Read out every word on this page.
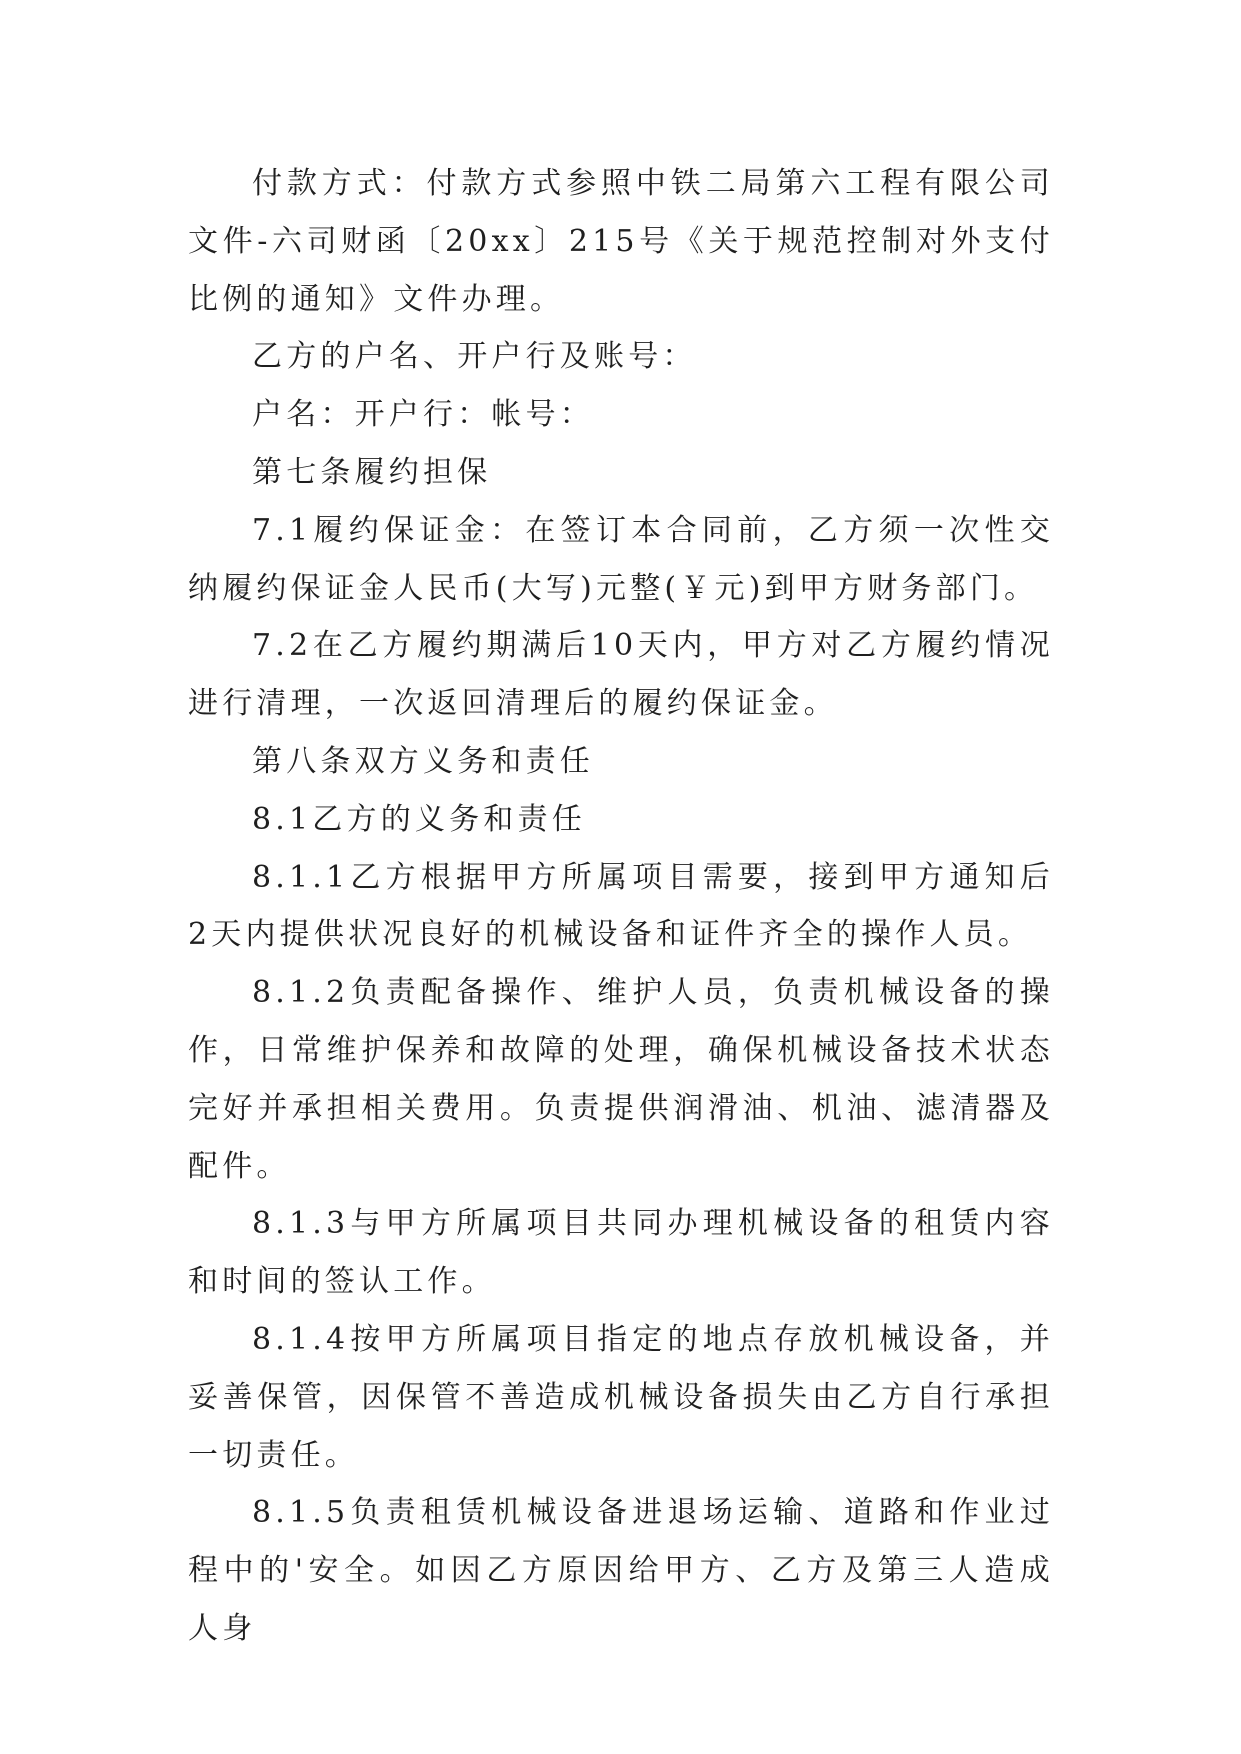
付款方式：付款方式参照中铁二局第六工程有限公司文件-六司财函〔20xx〕215号《关于规范控制对外支付比例的通知》文件办理。

乙方的户名、开户行及账号：

户名：开户行：帐号：

第七条履约担保

7.1履约保证金：在签订本合同前，乙方须一次性交纳履约保证金人民币(大写)元整(￥元)到甲方财务部门。

7.2在乙方履约期满后10天内，甲方对乙方履约情况进行清理，一次返回清理后的履约保证金。

第八条双方义务和责任

8.1乙方的义务和责任

8.1.1乙方根据甲方所属项目需要，接到甲方通知后2天内提供状况良好的机械设备和证件齐全的操作人员。

8.1.2负责配备操作、维护人员，负责机械设备的操作，日常维护保养和故障的处理，确保机械设备技术状态完好并承担相关费用。负责提供润滑油、机油、滤清器及配件。

8.1.3与甲方所属项目共同办理机械设备的租赁内容和时间的签认工作。

8.1.4按甲方所属项目指定的地点存放机械设备，并妥善保管，因保管不善造成机械设备损失由乙方自行承担一切责任。

8.1.5负责租赁机械设备进退场运输、道路和作业过程中的'安全。如因乙方原因给甲方、乙方及第三人造成人身
